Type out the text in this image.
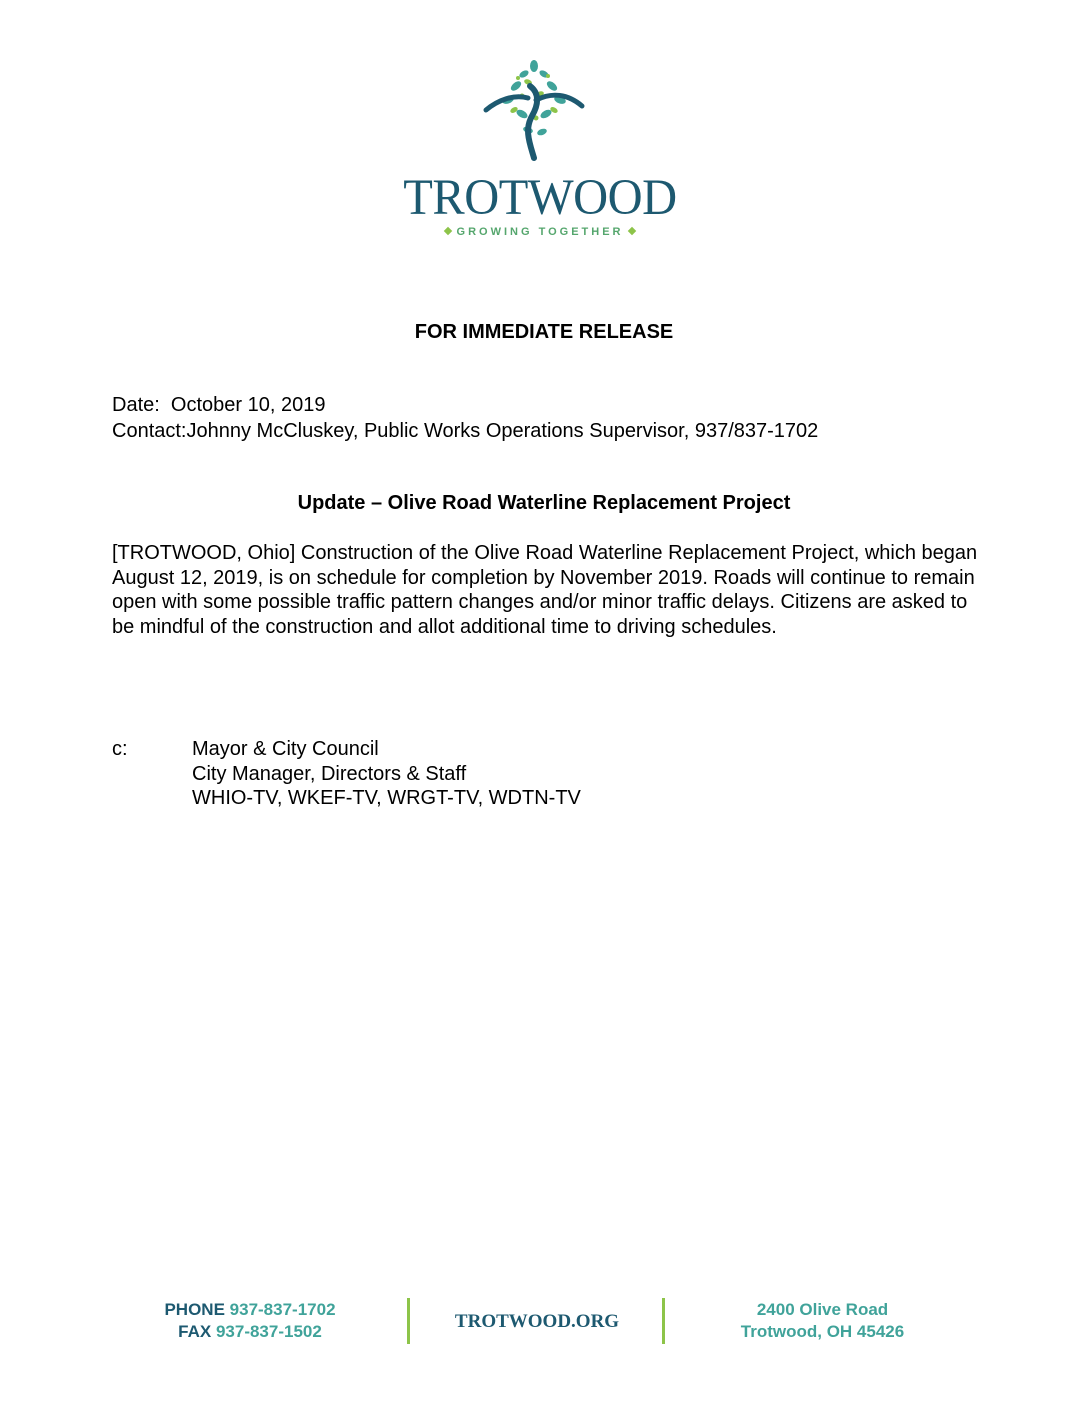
TROTWOOD
GROWING TOGETHER
FOR IMMEDIATE RELEASE
Date:  October 10, 2019
Contact:Johnny McCluskey, Public Works Operations Supervisor, 937/837-1702
Update – Olive Road Waterline Replacement Project
[TROTWOOD, Ohio] Construction of the Olive Road Waterline Replacement Project, which began August 12, 2019, is on schedule for completion by November 2019. Roads will continue to remain open with some possible traffic pattern changes and/or minor traffic delays. Citizens are asked to be mindful of the construction and allot additional time to driving schedules.
c:	Mayor & City Council
City Manager, Directors & Staff
WHIO-TV, WKEF-TV, WRGT-TV, WDTN-TV
PHONE 937-837-1702
FAX 937-837-1502	TROTWOOD.ORG
2400 Olive Road
Trotwood, OH 45426
